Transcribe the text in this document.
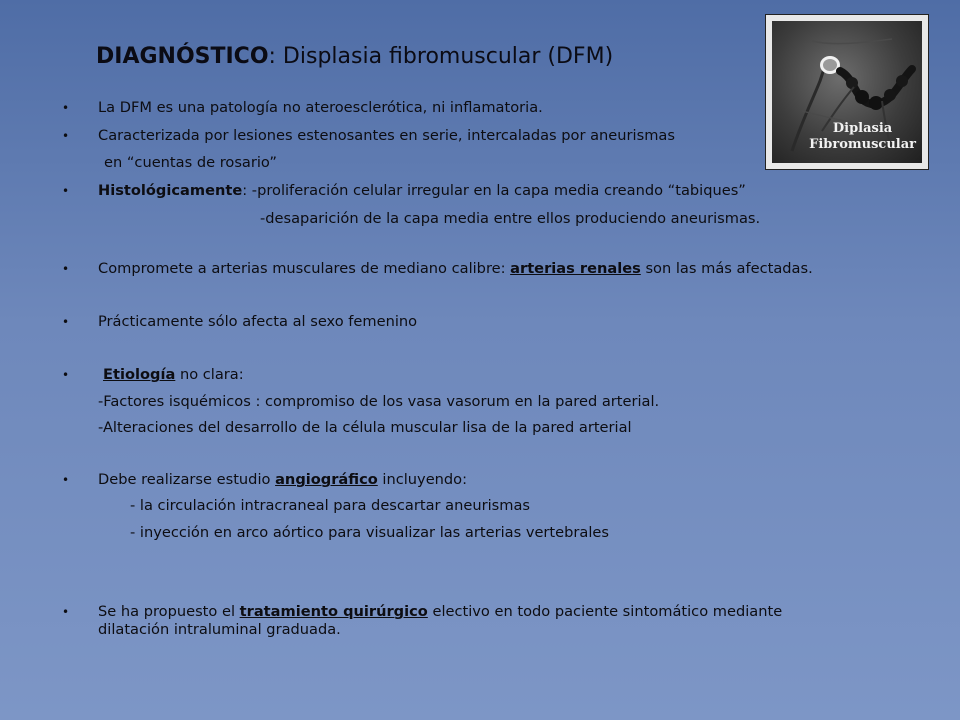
DIAGNÓSTICO: Displasia fibromuscular (DFM)
Diplasia
Fibromuscular
• La DFM es una patología no ateroesclerótica, ni inflamatoria.
• Caracterizada por lesiones estenosantes en serie, intercaladas por aneurismas
en “cuentas de rosario”
• Histológicamente: -proliferación celular irregular en la capa media creando “tabiques”
-desaparición de la capa media entre ellos produciendo aneurismas.
• Compromete a arterias musculares de mediano calibre: arterias renales son las más afectadas.
• Prácticamente sólo afecta al sexo femenino
• Etiología no clara:
-Factores isquémicos : compromiso de los vasa vasorum en la pared arterial.
-Alteraciones del desarrollo de la célula muscular lisa de la pared arterial
• Debe realizarse estudio angiográfico incluyendo:
- la circulación intracraneal para descartar aneurismas
- inyección en arco aórtico para visualizar las arterias vertebrales
• Se ha propuesto el tratamiento quirúrgico electivo en todo paciente sintomático mediante
dilatación intraluminal graduada.
